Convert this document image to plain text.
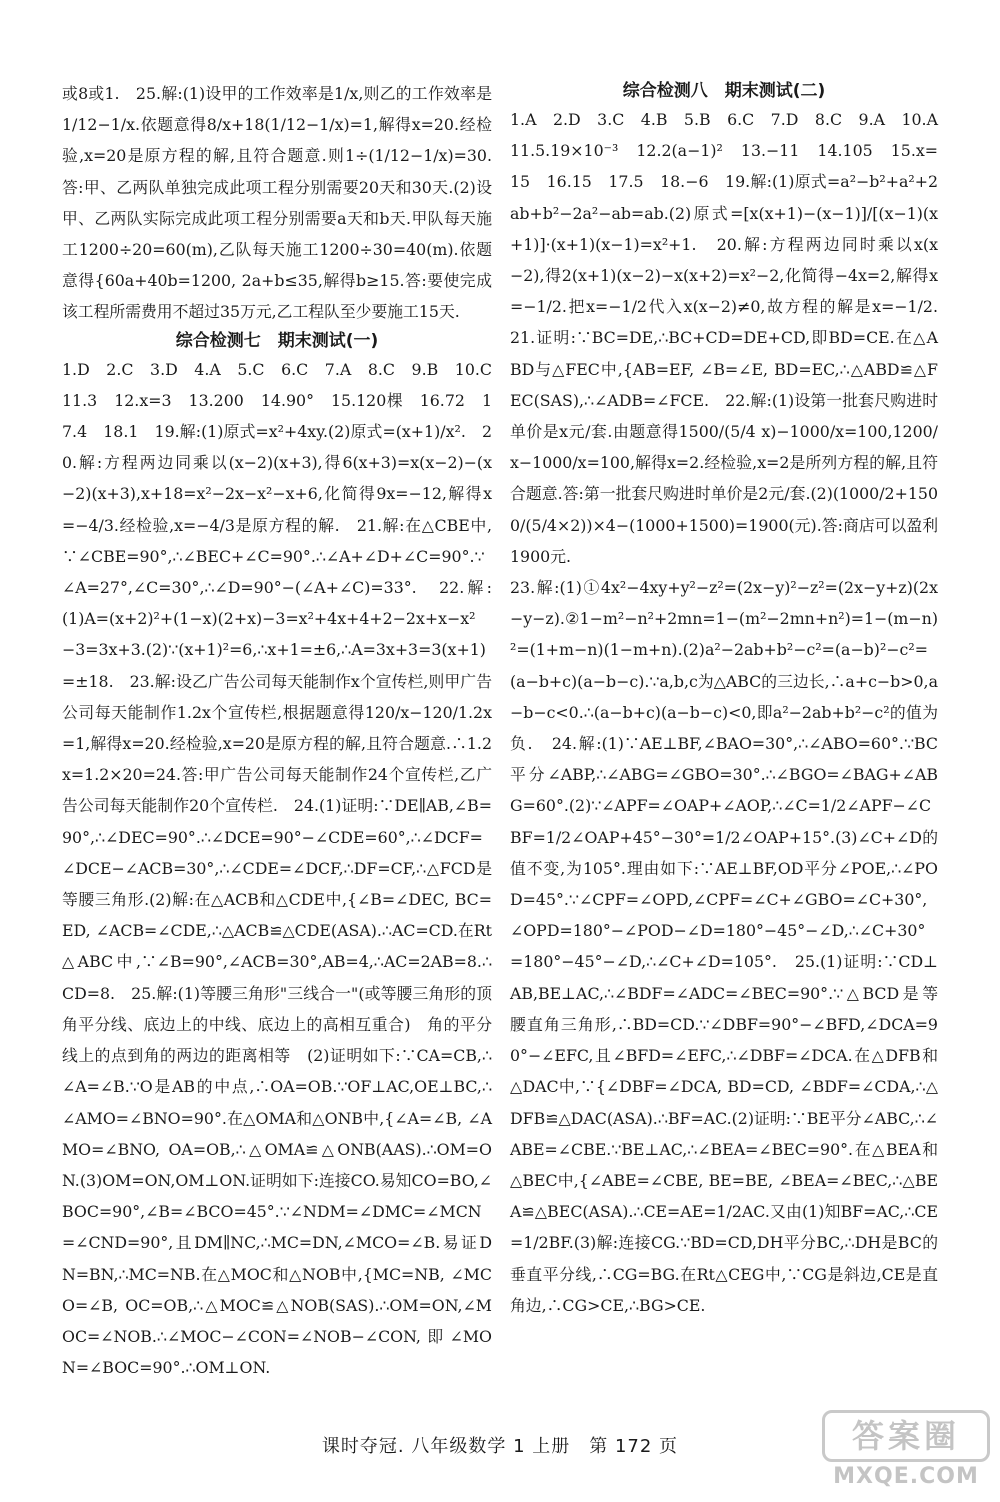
或8或1.　25.解:(1)设甲的工作效率是1/x,则乙的工作效率是1/12−1/x.依题意得8/x+18(1/12−1/x)=1,解得x=20.经检验,x=20是原方程的解,且符合题意.则1÷(1/12−1/x)=30.答:甲、乙两队单独完成此项工程分别需要20天和30天.(2)设甲、乙两队实际完成此项工程分别需要a天和b天.甲队每天施工1200÷20=60(m),乙队每天施工1200÷30=40(m).依题意得{60a+40b=1200, 2a+b≤35,解得b≥15.答:要使完成该工程所需费用不超过35万元,乙工程队至少要施工15天.

综合检测七　期末测试(一)

1.D　2.C　3.D　4.A　5.C　6.C　7.A　8.C　9.B　10.C　11.3　12.x=3　13.200　14.90°　15.120棵　16.72　17.4　18.1　19.解:(1)原式=x²+4xy.(2)原式=(x+1)/x².　20.解:方程两边同乘以(x−2)(x+3),得6(x+3)=x(x−2)−(x−2)(x+3),x+18=x²−2x−x²−x+6,化简得9x=−12,解得x=−4/3.经检验,x=−4/3是原方程的解.　21.解:在△CBE中,∵∠CBE=90°,∴∠BEC+∠C=90°.∴∠A+∠D+∠C=90°.∵∠A=27°,∠C=30°,∴∠D=90°−(∠A+∠C)=33°.　22.解:(1)A=(x+2)²+(1−x)(2+x)−3=x²+4x+4+2−2x+x−x²−3=3x+3.(2)∵(x+1)²=6,∴x+1=±6,∴A=3x+3=3(x+1)=±18.　23.解:设乙广告公司每天能制作x个宣传栏,则甲广告公司每天能制作1.2x个宣传栏,根据题意得120/x−120/1.2x=1,解得x=20.经检验,x=20是原方程的解,且符合题意.∴1.2x=1.2×20=24.答:甲广告公司每天能制作24个宣传栏,乙广告公司每天能制作20个宣传栏.　24.(1)证明:∵DE∥AB,∠B=90°,∴∠DEC=90°.∴∠DCE=90°−∠CDE=60°,∴∠DCF=∠DCE−∠ACB=30°,∴∠CDE=∠DCF,∴DF=CF,∴△FCD是等腰三角形.(2)解:在△ACB和△CDE中,{∠B=∠DEC, BC=ED, ∠ACB=∠CDE,∴△ACB≌△CDE(ASA).∴AC=CD.在Rt△ABC中,∵∠B=90°,∠ACB=30°,AB=4,∴AC=2AB=8.∴CD=8.　25.解:(1)等腰三角形"三线合一"(或等腰三角形的顶角平分线、底边上的中线、底边上的高相互重合)　角的平分线上的点到角的两边的距离相等　(2)证明如下:∵CA=CB,∴∠A=∠B.∵O是AB的中点,∴OA=OB.∵OF⊥AC,OE⊥BC,∴∠AMO=∠BNO=90°.在△OMA和△ONB中,{∠A=∠B, ∠AMO=∠BNO, OA=OB,∴△OMA≌△ONB(AAS).∴OM=ON.(3)OM=ON,OM⊥ON.证明如下:连接CO.易知CO=BO,∠BOC=90°,∠B=∠BCO=45°.∵∠NDM=∠DMC=∠MCN=∠CND=90°,且DM∥NC,∴MC=DN,∠MCO=∠B.易证DN=BN,∴MC=NB.在△MOC和△NOB中,{MC=NB, ∠MCO=∠B, OC=OB,∴△MOC≌△NOB(SAS).∴OM=ON,∠MOC=∠NOB.∴∠MOC−∠CON=∠NOB−∠CON,即∠MON=∠BOC=90°.∴OM⊥ON.

综合检测八　期末测试(二)

1.A　2.D　3.C　4.B　5.B　6.C　7.D　8.C　9.A　10.A　11.5.19×10⁻³　12.2(a−1)²　13.−11　14.105　15.x=15　16.15　17.5　18.−6　19.解:(1)原式=a²−b²+a²+2ab+b²−2a²−ab=ab.(2)原式=[x(x+1)−(x−1)]/[(x−1)(x+1)]·(x+1)(x−1)=x²+1.　20.解:方程两边同时乘以x(x−2),得2(x+1)(x−2)−x(x+2)=x²−2,化简得−4x=2,解得x=−1/2.把x=−1/2代入x(x−2)≠0,故方程的解是x=−1/2.　21.证明:∵BC=DE,∴BC+CD=DE+CD,即BD=CE.在△ABD与△FEC中,{AB=EF, ∠B=∠E, BD=EC,∴△ABD≌△FEC(SAS),∴∠ADB=∠FCE.　22.解:(1)设第一批套尺购进时单价是x元/套.由题意得1500/(5/4 x)−1000/x=100,1200/x−1000/x=100,解得x=2.经检验,x=2是所列方程的解,且符合题意.答:第一批套尺购进时单价是2元/套.(2)(1000/2+1500/(5/4×2))×4−(1000+1500)=1900(元).答:商店可以盈利1900元.

23.解:(1)①4x²−4xy+y²−z²=(2x−y)²−z²=(2x−y+z)(2x−y−z).②1−m²−n²+2mn=1−(m²−2mn+n²)=1−(m−n)²=(1+m−n)(1−m+n).(2)a²−2ab+b²−c²=(a−b)²−c²=(a−b+c)(a−b−c).∵a,b,c为△ABC的三边长,∴a+c−b>0,a−b−c<0.∴(a−b+c)(a−b−c)<0,即a²−2ab+b²−c²的值为负.　24.解:(1)∵AE⊥BF,∠BAO=30°,∴∠ABO=60°.∵BC平分∠ABP,∴∠ABG=∠GBO=30°.∴∠BGO=∠BAG+∠ABG=60°.(2)∵∠APF=∠OAP+∠AOP,∴∠C=1/2∠APF−∠CBF=1/2∠OAP+45°−30°=1/2∠OAP+15°.(3)∠C+∠D的值不变,为105°.理由如下:∵AE⊥BF,OD平分∠POE,∴∠POD=45°.∵∠CPF=∠OPD,∠CPF=∠C+∠GBO=∠C+30°,∠OPD=180°−∠POD−∠D=180°−45°−∠D,∴∠C+30°=180°−45°−∠D,∴∠C+∠D=105°.　25.(1)证明:∵CD⊥AB,BE⊥AC,∴∠BDF=∠ADC=∠BEC=90°.∵△BCD是等腰直角三角形,∴BD=CD.∵∠DBF=90°−∠BFD,∠DCA=90°−∠EFC,且∠BFD=∠EFC,∴∠DBF=∠DCA.在△DFB和△DAC中,∵{∠DBF=∠DCA, BD=CD, ∠BDF=∠CDA,∴△DFB≌△DAC(ASA).∴BF=AC.(2)证明:∵BE平分∠ABC,∴∠ABE=∠CBE.∵BE⊥AC,∴∠BEA=∠BEC=90°.在△BEA和△BEC中,{∠ABE=∠CBE, BE=BE, ∠BEA=∠BEC,∴△BEA≌△BEC(ASA).∴CE=AE=1/2AC.又由(1)知BF=AC,∴CE=1/2BF.(3)解:连接CG.∵BD=CD,DH平分BC,∴DH是BC的垂直平分线,∴CG=BG.在Rt△CEG中,∵CG是斜边,CE是直角边,∴CG>CE,∴BG>CE.

课时夺冠. 八年级数学 1 上册　第 172 页	答案圈
MXQE.COM
